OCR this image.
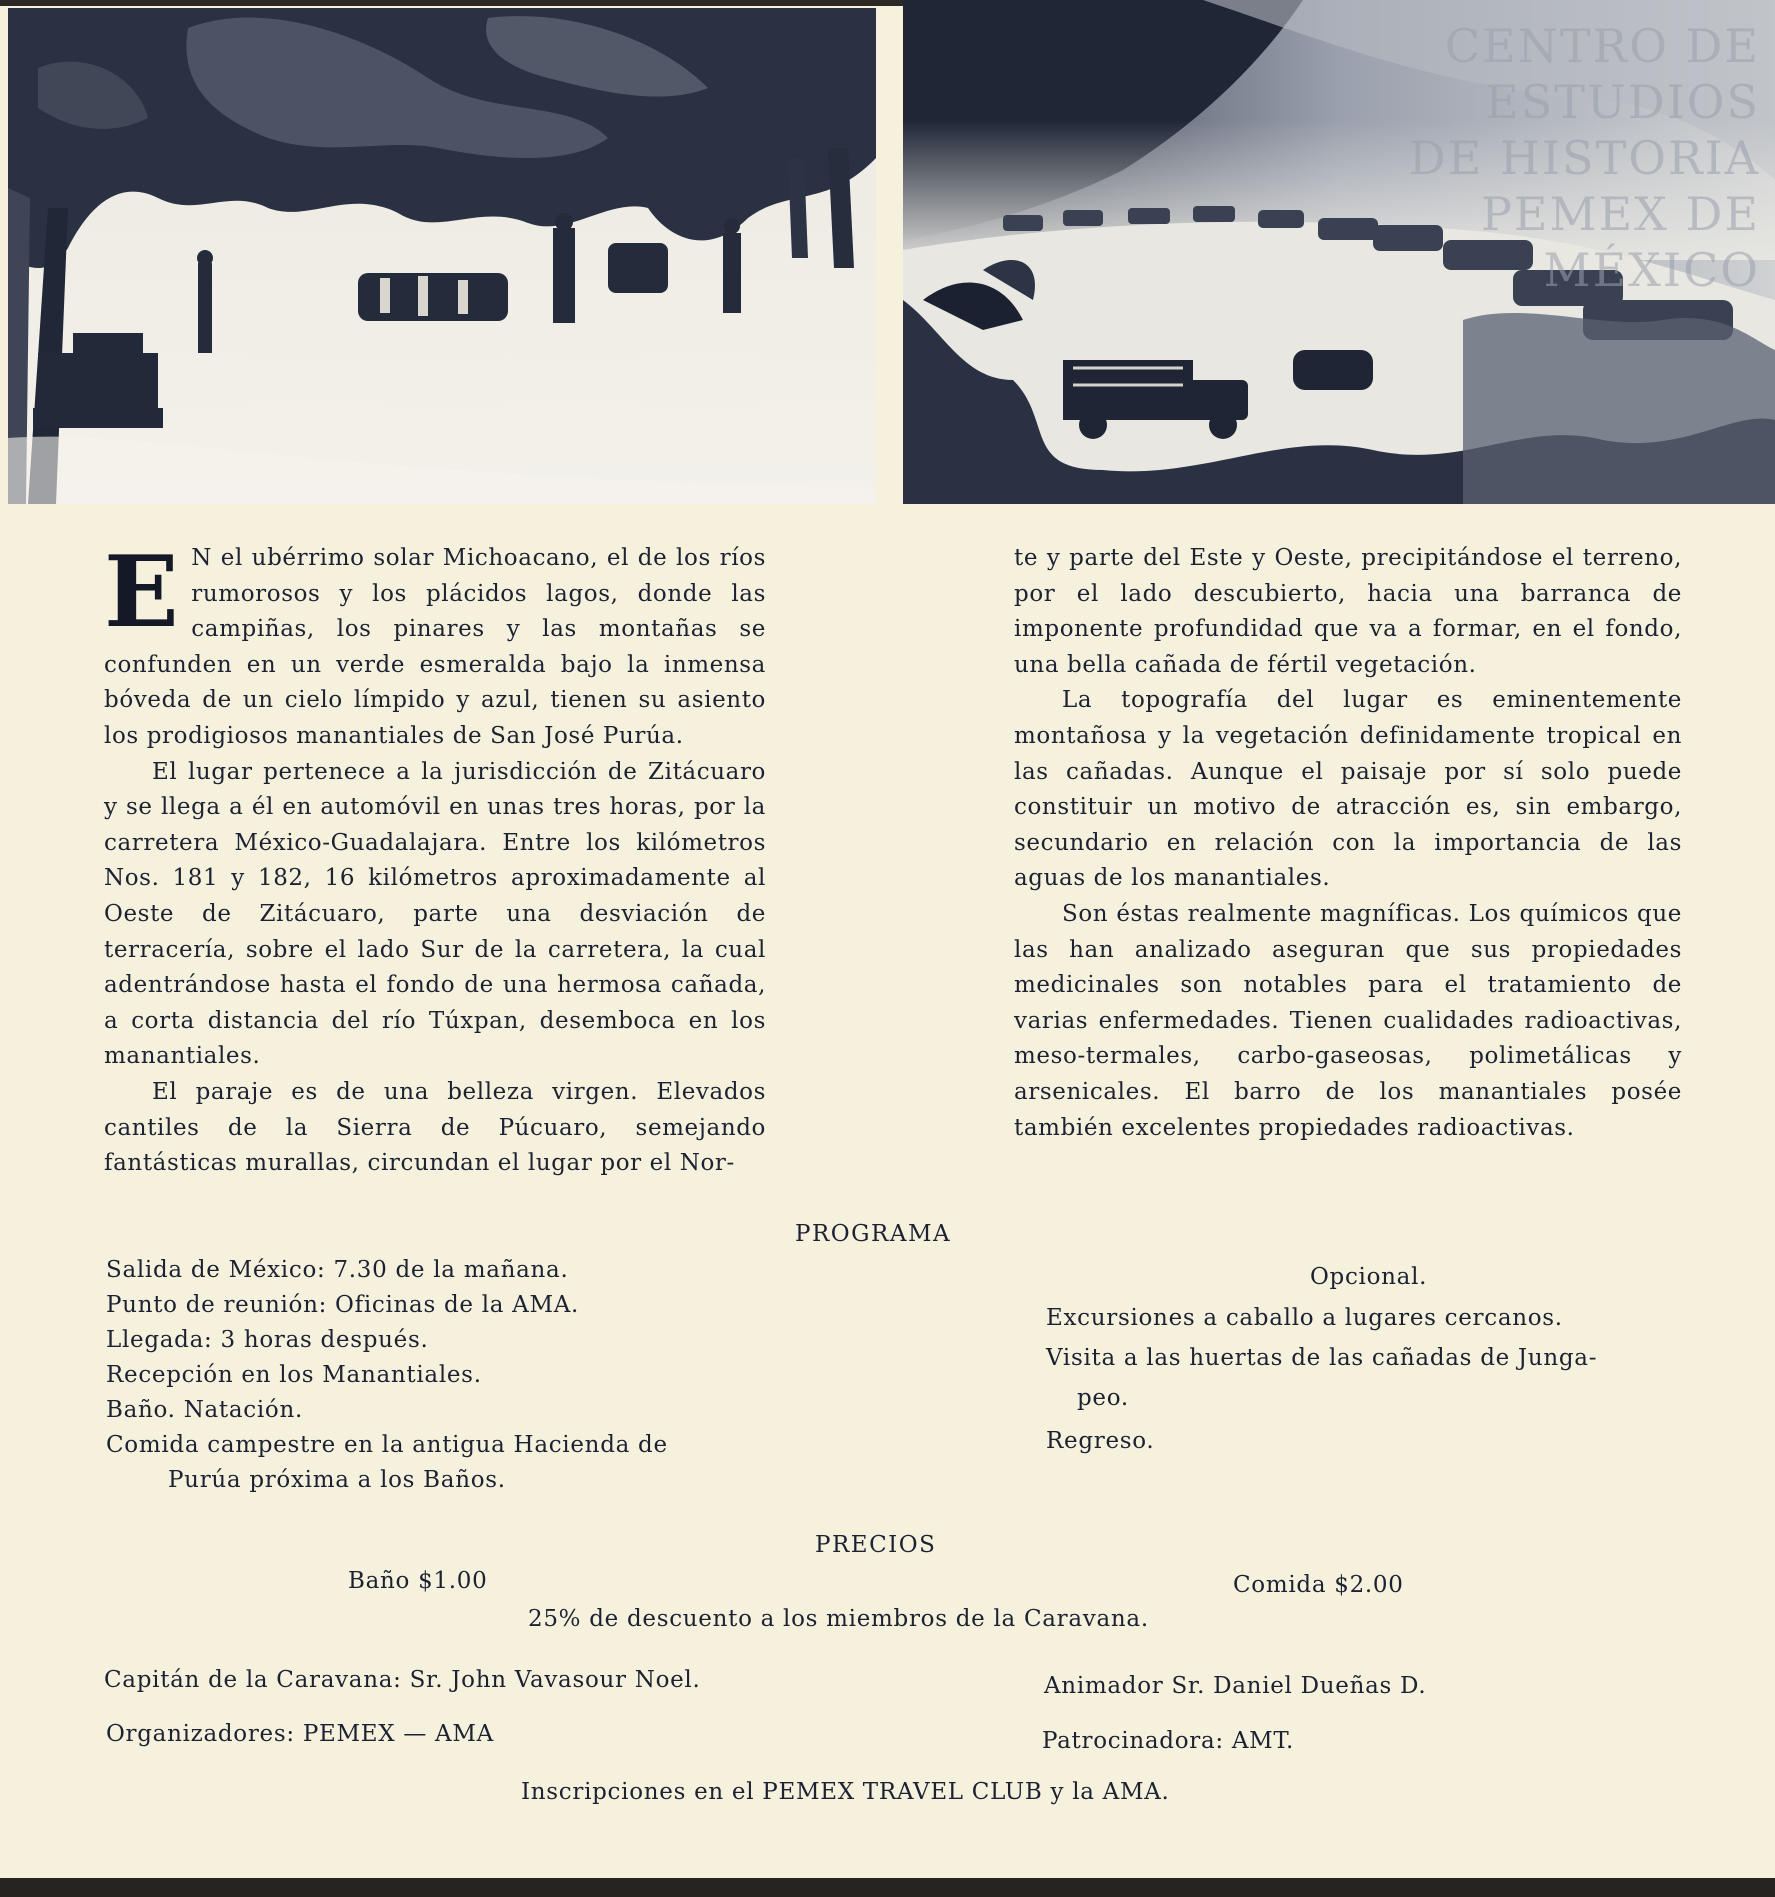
CENTRO DE ESTUDIOS DE HISTORIA PEMEX DE MÉXICO
E N el ubérrimo solar Michoacano, el de los ríos rumorosos y los plácidos lagos, donde las campiñas, los pinares y las montañas se confunden en un verde esmeralda bajo la inmensa bóveda de un cielo límpido y azul, tienen su asiento los prodigiosos manantiales de San José Purúa.

El lugar pertenece a la jurisdicción de Zitácuaro y se llega a él en automóvil en unas tres horas, por la carretera México-Guadalajara. Entre los kilómetros Nos. 181 y 182, 16 kilómetros aproximadamente al Oeste de Zitácuaro, parte una desviación de terracería, sobre el lado Sur de la carretera, la cual adentrándose hasta el fondo de una hermosa cañada, a corta distancia del río Túxpan, desemboca en los manantiales.

El paraje es de una belleza virgen. Elevados cantiles de la Sierra de Púcuaro, semejando fantásticas murallas, circundan el lugar por el Nor-

te y parte del Este y Oeste, precipitándose el terreno, por el lado descubierto, hacia una barranca de imponente profundidad que va a formar, en el fondo, una bella cañada de fértil vegetación.

La topografía del lugar es eminentemente montañosa y la vegetación definidamente tropical en las cañadas. Aunque el paisaje por sí solo puede constituir un motivo de atracción es, sin embargo, secundario en relación con la importancia de las aguas de los manantiales.

Son éstas realmente magníficas. Los químicos que las han analizado aseguran que sus propiedades medicinales son notables para el tratamiento de varias enfermedades. Tienen cualidades radioactivas, meso-termales, carbo-gaseosas, polimetálicas y arsenicales. El barro de los manantiales posée también excelentes propiedades radioactivas.

PROGRAMA
Salida de México: 7.30 de la mañana.
Punto de reunión: Oficinas de la AMA.
Llegada: 3 horas después.
Recepción en los Manantiales.
Baño. Natación.
Comida campestre en la antigua Hacienda de
Purúa próxima a los Baños.
Opcional.
Excursiones a caballo a lugares cercanos.
Visita a las huertas de las cañadas de Junga-
peo.
Regreso.
PRECIOS
Baño $1.00	Comida $2.00
25% de descuento a los miembros de la Caravana.
Capitán de la Caravana: Sr. John Vavasour Noel.	Animador Sr. Daniel Dueñas D.
Organizadores: PEMEX — AMA	Patrocinadora: AMT.
Inscripciones en el PEMEX TRAVEL CLUB y la AMA.
